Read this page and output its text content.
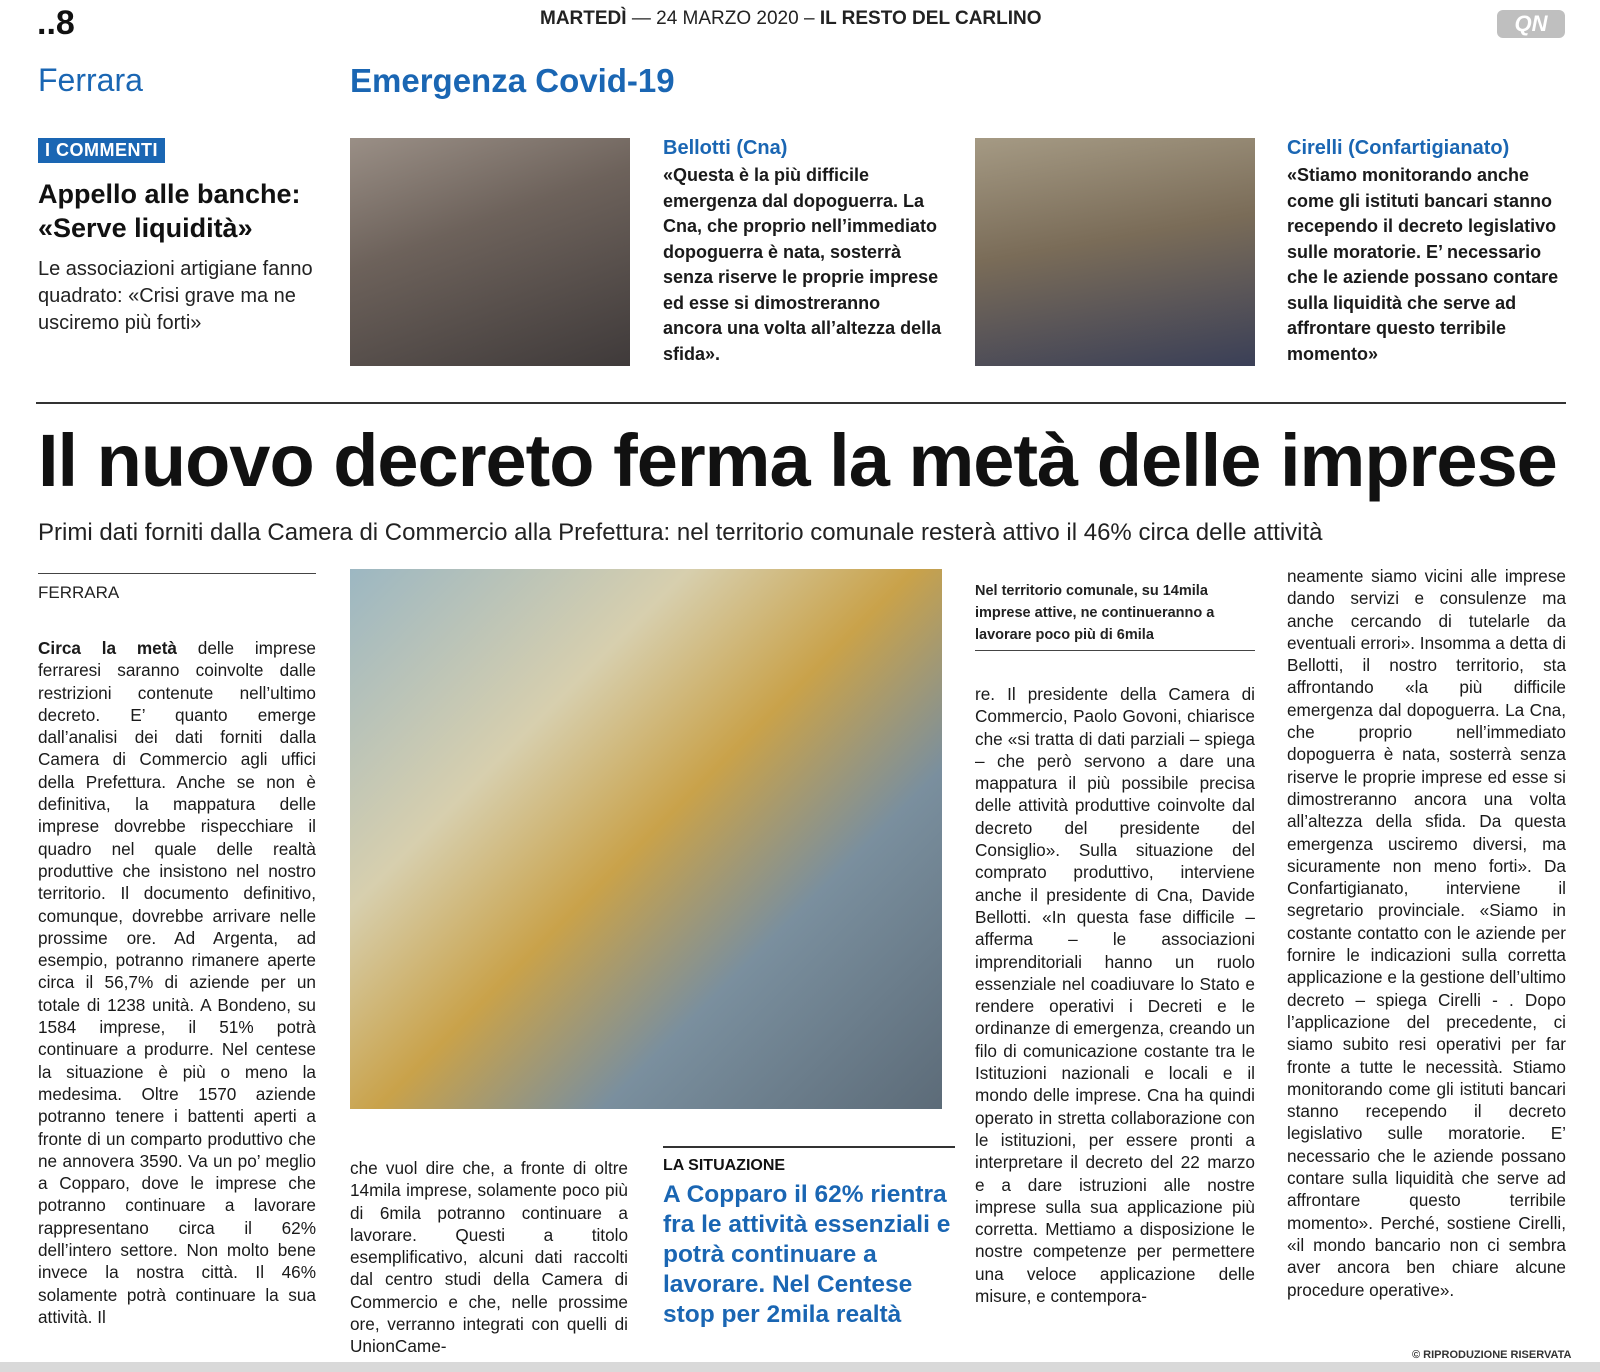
..8	MARTEDÌ — 24 MARZO 2020 – IL RESTO DEL CARLINO	QN
Ferrara	Emergenza Covid-19
I COMMENTI
Appello alle banche: «Serve liquidità»
Le associazioni artigiane fanno quadrato: «Crisi grave ma ne usciremo più forti»
Bellotti (Cna)
«Questa è la più difficile emergenza dal dopoguerra. La Cna, che proprio nell’immediato dopoguerra è nata, sosterrà senza riserve le proprie imprese ed esse si dimostreranno ancora una volta all’altezza della sfida».
Cirelli (Confartigianato)
«Stiamo monitorando anche come gli istituti bancari stanno recependo il decreto legislativo sulle moratorie. E’ necessario che le aziende possano contare sulla liquidità che serve ad affrontare questo terribile momento»
Il nuovo decreto ferma la metà delle imprese
Primi dati forniti dalla Camera di Commercio alla Prefettura: nel territorio comunale resterà attivo il 46% circa delle attività
FERRARA
Circa la metà delle imprese ferraresi saranno coinvolte dalle restrizioni contenute nell’ultimo decreto. E’ quanto emerge dall’analisi dei dati forniti dalla Camera di Commercio agli uffici della Prefettura. Anche se non è definitiva, la mappatura delle imprese dovrebbe rispecchiare il quadro nel quale delle realtà produttive che insistono nel nostro territorio. Il documento definitivo, comunque, dovrebbe arrivare nelle prossime ore. Ad Argenta, ad esempio, potranno rimanere aperte circa il 56,7% di aziende per un totale di 1238 unità. A Bondeno, su 1584 imprese, il 51% potrà continuare a produrre. Nel centese la situazione è più o meno la medesima. Oltre 1570 aziende potranno tenere i battenti aperti a fronte di un comparto produttivo che ne annovera 3590. Va un po’ meglio a Copparo, dove le imprese che potranno continuare a lavorare rappresentano circa il 62% dell’intero settore. Non molto bene invece la nostra città. Il 46% solamente potrà continuare la sua attività. Il
che vuol dire che, a fronte di oltre 14mila imprese, solamente poco più di 6mila potranno continuare a lavorare. Questi a titolo esemplificativo, alcuni dati raccolti dal centro studi della Camera di Commercio e che, nelle prossime ore, verranno integrati con quelli di UnionCame-
LA SITUAZIONE
A Copparo il 62% rientra fra le attività essenziali e potrà continuare a lavorare. Nel Centese stop per 2mila realtà
Nel territorio comunale, su 14mila imprese attive, ne continueranno a lavorare poco più di 6mila
re. Il presidente della Camera di Commercio, Paolo Govoni, chiarisce che «si tratta di dati parziali – spiega – che però servono a dare una mappatura il più possibile precisa delle attività produttive coinvolte dal decreto del presidente del Consiglio». Sulla situazione del comprato produttivo, interviene anche il presidente di Cna, Davide Bellotti. «In questa fase difficile – afferma – le associazioni imprenditoriali hanno un ruolo essenziale nel coadiuvare lo Stato e rendere operativi i Decreti e le ordinanze di emergenza, creando un filo di comunicazione costante tra le Istituzioni nazionali e locali e il mondo delle imprese. Cna ha quindi operato in stretta collaborazione con le istituzioni, per essere pronti a interpretare il decreto del 22 marzo e a dare istruzioni alle nostre imprese sulla sua applicazione più corretta. Mettiamo a disposizione le nostre competenze per permettere una veloce applicazione delle misure, e contempora-
neamente siamo vicini alle imprese dando servizi e consulenze ma anche cercando di tutelarle da eventuali errori». Insomma a detta di Bellotti, il nostro territorio, sta affrontando «la più difficile emergenza dal dopoguerra. La Cna, che proprio nell’immediato dopoguerra è nata, sosterrà senza riserve le proprie imprese ed esse si dimostreranno ancora una volta all’altezza della sfida. Da questa emergenza usciremo diversi, ma sicuramente non meno forti». Da Confartigianato, interviene il segretario provinciale. «Siamo in costante contatto con le aziende per fornire le indicazioni sulla corretta applicazione e la gestione dell’ultimo decreto – spiega Cirelli - . Dopo l’applicazione del precedente, ci siamo subito resi operativi per far fronte a tutte le necessità. Stiamo monitorando come gli istituti bancari stanno recependo il decreto legislativo sulle moratorie. E’ necessario che le aziende possano contare sulla liquidità che serve ad affrontare questo terribile momento». Perché, sostiene Cirelli, «il mondo bancario non ci sembra aver ancora ben chiare alcune procedure operative».
© RIPRODUZIONE RISERVATA
